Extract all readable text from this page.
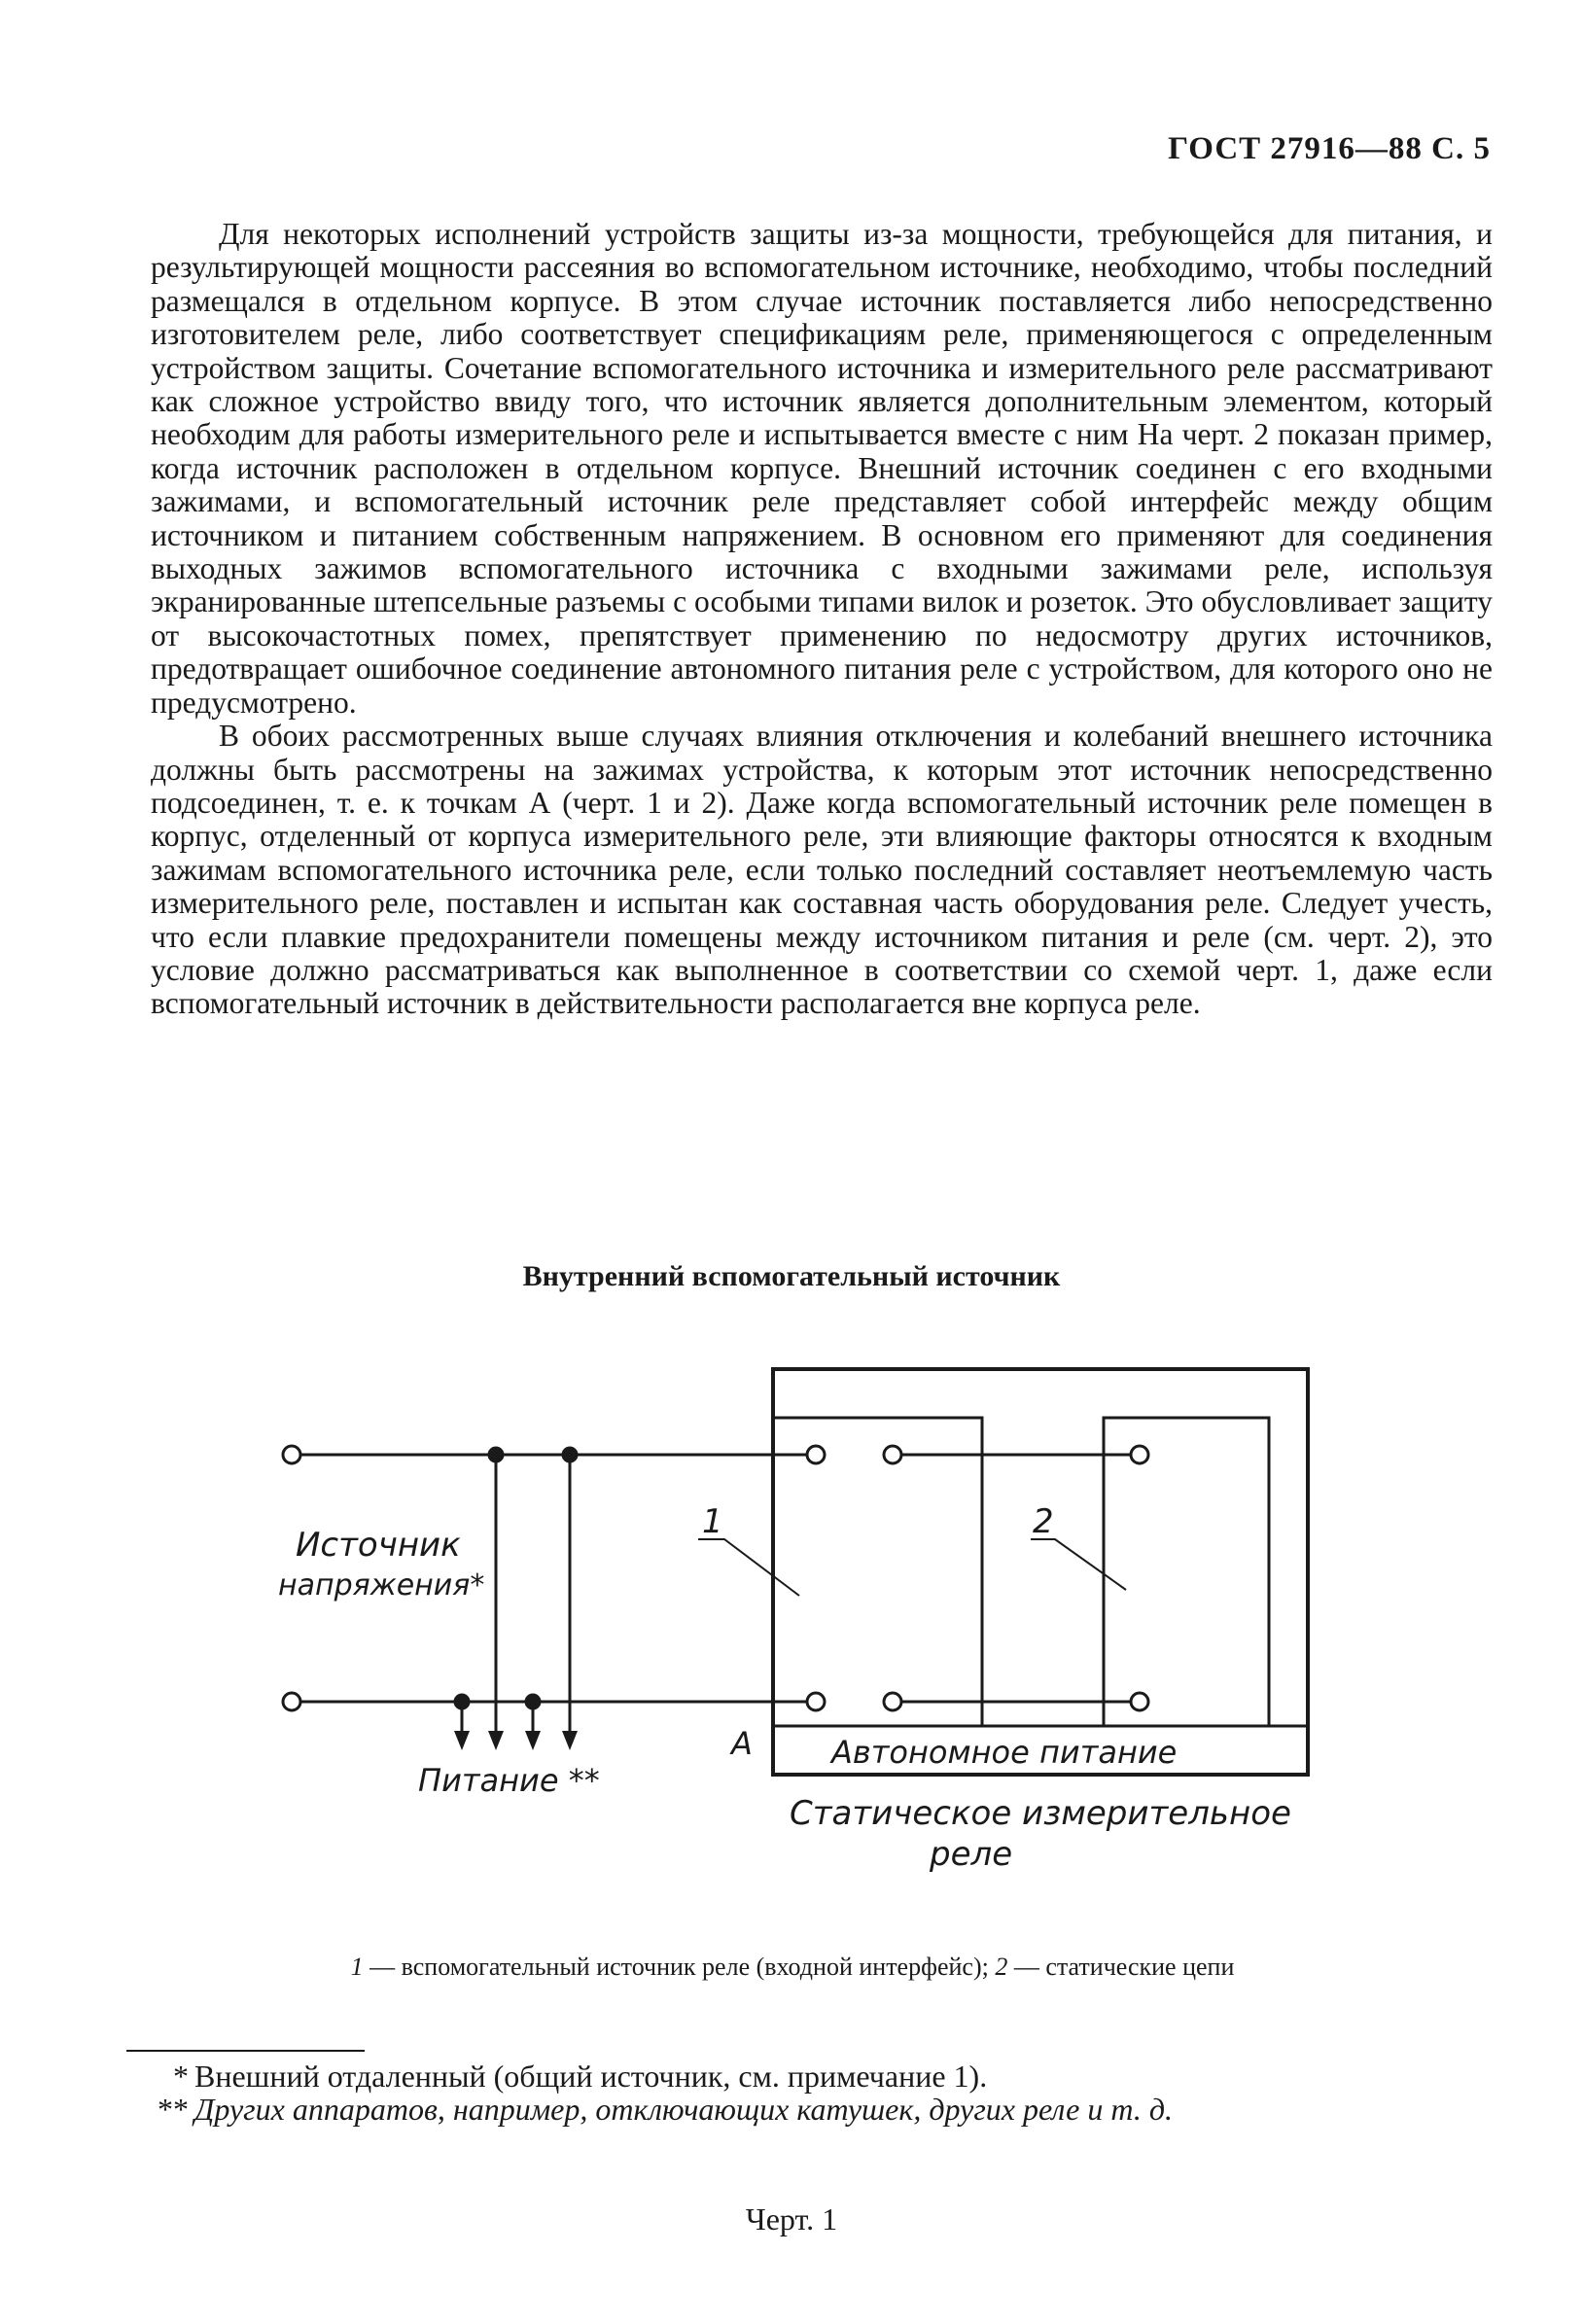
ГОСТ 27916—88 С. 5

Для некоторых исполнений устройств защиты из-за мощности, требующейся для питания, и результирующей мощности рассеяния во вспомогательном источнике, необходимо, чтобы последний размещался в отдельном корпусе. В этом случае источник поставляется либо непосредственно изготовителем реле, либо соответствует спецификациям реле, применяющегося с определенным устройством защиты. Сочетание вспомогательного источника и измерительного реле рассматривают как сложное устройство ввиду того, что источник является дополнительным элементом, который необходим для работы измерительного реле и испытывается вместе с ним На черт. 2 показан пример, когда источник расположен в отдельном корпусе. Внешний источник соединен с его входными зажимами, и вспомогательный источник реле представляет собой интерфейс между общим источником и питанием собственным напряжением. В основном его применяют для соединения выходных зажимов вспомогательного источника с входными зажимами реле, используя экранированные штепсельные разъемы с особыми типами вилок и розеток. Это обусловливает защиту от высокочастотных помех, препятствует применению по недосмотру других источников, предотвращает ошибочное соединение автономного питания реле с устройством, для которого оно не предусмотрено.

В обоих рассмотренных выше случаях влияния отключения и колебаний внешнего источника должны быть рассмотрены на зажимах устройства, к которым этот источник непосредственно подсоединен, т. е. к точкам А (черт. 1 и 2). Даже когда вспомогательный источник реле помещен в корпус, отделенный от корпуса измерительного реле, эти влияющие факторы относятся к входным зажимам вспомогательного источника реле, если только последний составляет неотъемлемую часть измерительного реле, поставлен и испытан как составная часть оборудования реле. Следует учесть, что если плавкие предохранители помещены между источником питания и реле (см. черт. 2), это условие должно рассматриваться как выполненное в соответствии со схемой черт. 1, даже если вспомогательный источник в действительности располагается вне корпуса реле.

Внутренний вспомогательный источник
1	2
Источник
напряжения*
Питание **
А	Автономное питание
Статическое измерительное
реле
1 — вспомогательный источник реле (входной интерфейс); 2 — статические цепи

* Внешний отдаленный (общий источник, см. примечание 1).

** Других аппаратов, например, отключающих катушек, других реле и т. д.

Черт. 1
